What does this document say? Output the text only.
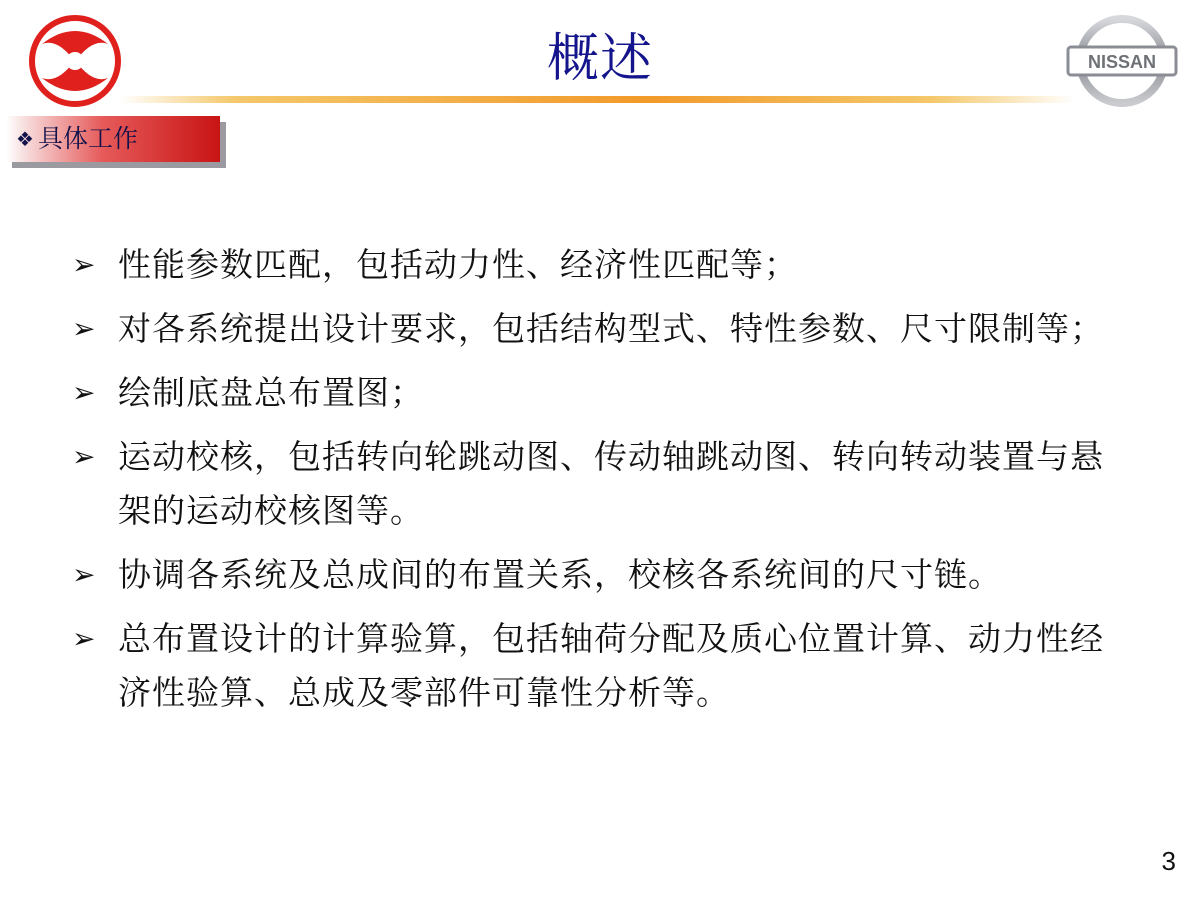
概述	NISSAN
❖ 具体工作
➢ 性能参数匹配，包括动力性、经济性匹配等；
➢ 对各系统提出设计要求，包括结构型式、特性参数、尺寸限制等；
➢ 绘制底盘总布置图；
➢ 运动校核，包括转向轮跳动图、传动轴跳动图、转向转动装置与悬架的运动校核图等。
➢ 协调各系统及总成间的布置关系，校核各系统间的尺寸链。
➢ 总布置设计的计算验算，包括轴荷分配及质心位置计算、动力性经济性验算、总成及零部件可靠性分析等。
3
